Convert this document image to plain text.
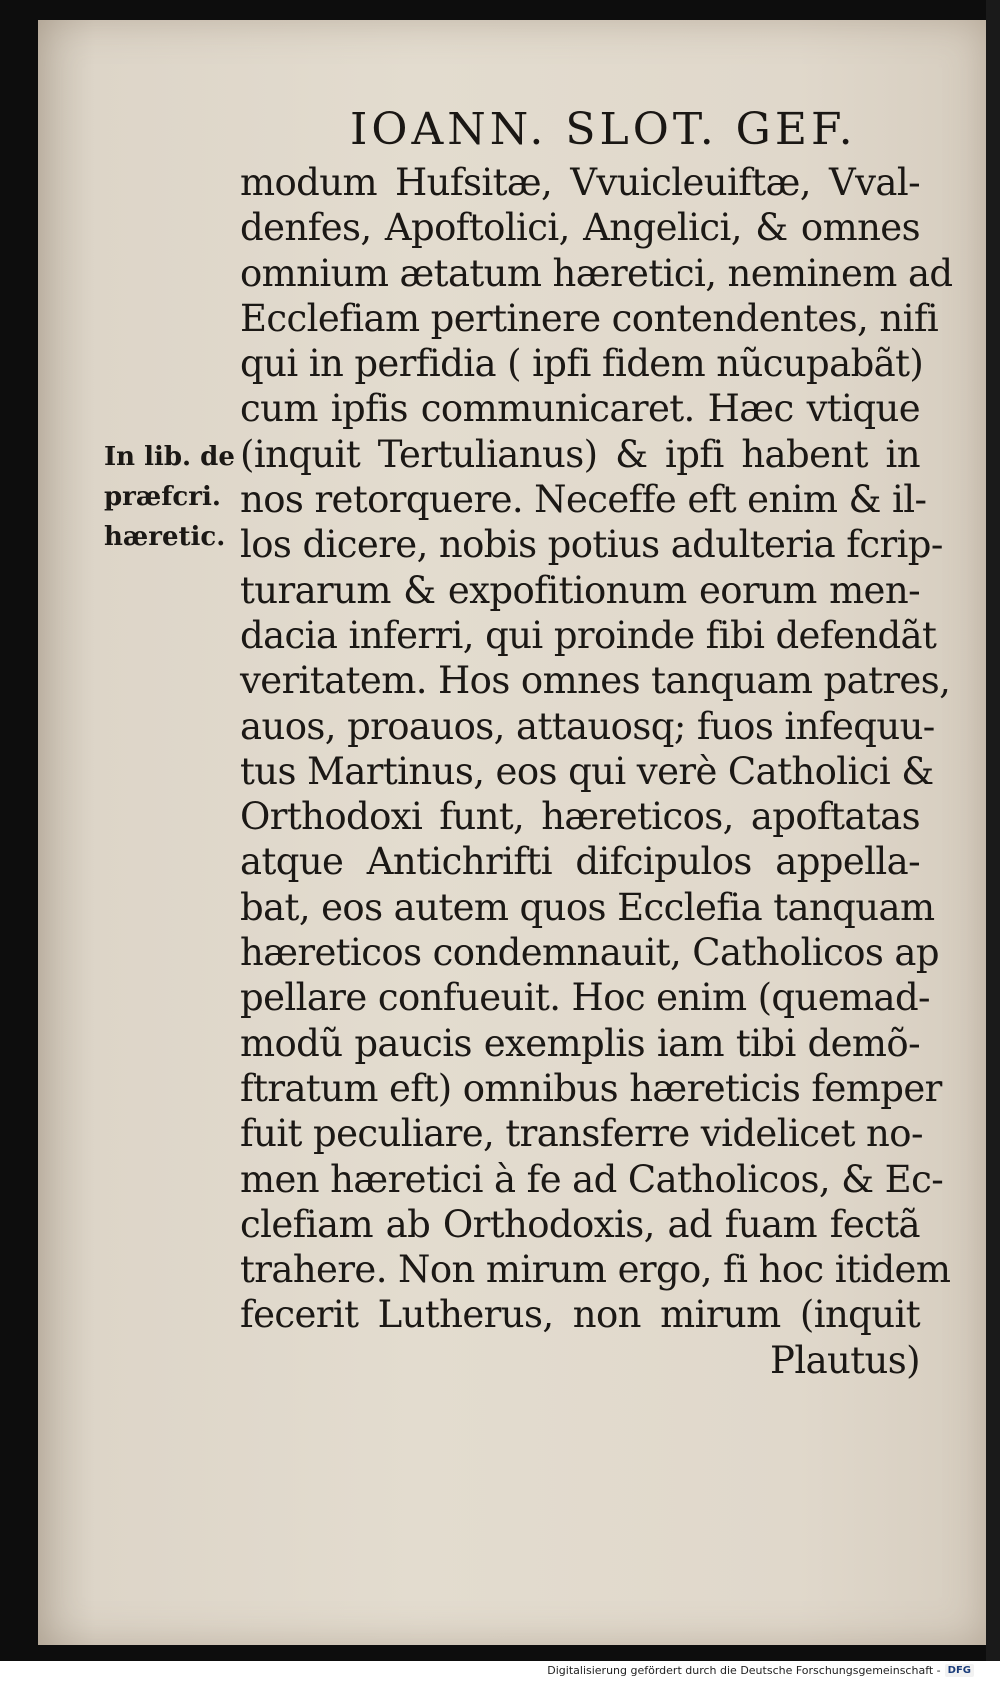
IOANN. SLOT. GEF.
In lib. de
præfcri.
hæretic.
modum Hufsitæ, Vvuicleuiftæ, Vval-
denfes, Apoftolici, Angelici, & omnes
omnium ætatum hæretici, neminem ad
Ecclefiam pertinere contendentes, nifi
qui in perfidia ( ipfi fidem nũcupabãt)
cum ipfis communicaret. Hæc vtique
(inquit Tertulianus) & ipfi habent in
nos retorquere. Neceffe eft enim & il-
los dicere, nobis potius adulteria fcrip-
turarum & expofitionum eorum men-
dacia inferri, qui proinde fibi defendãt
veritatem. Hos omnes tanquam patres,
auos, proauos, attauosq; fuos infequu-
tus Martinus, eos qui verè Catholici &
Orthodoxi funt, hæreticos, apoftatas
atque Antichrifti difcipulos appella-
bat, eos autem quos Ecclefia tanquam
hæreticos condemnauit, Catholicos ap
pellare confueuit. Hoc enim (quemad-
modũ paucis exemplis iam tibi demõ-
ftratum eft) omnibus hæreticis femper
fuit peculiare, transferre videlicet no-
men hæretici à fe ad Catholicos, & Ec-
clefiam ab Orthodoxis, ad fuam fectã
trahere. Non mirum ergo, fi hoc itidem
fecerit Lutherus, non mirum (inquit
Plautus)
Digitalisierung gefördert durch die Deutsche Forschungsgemeinschaft - DFG
